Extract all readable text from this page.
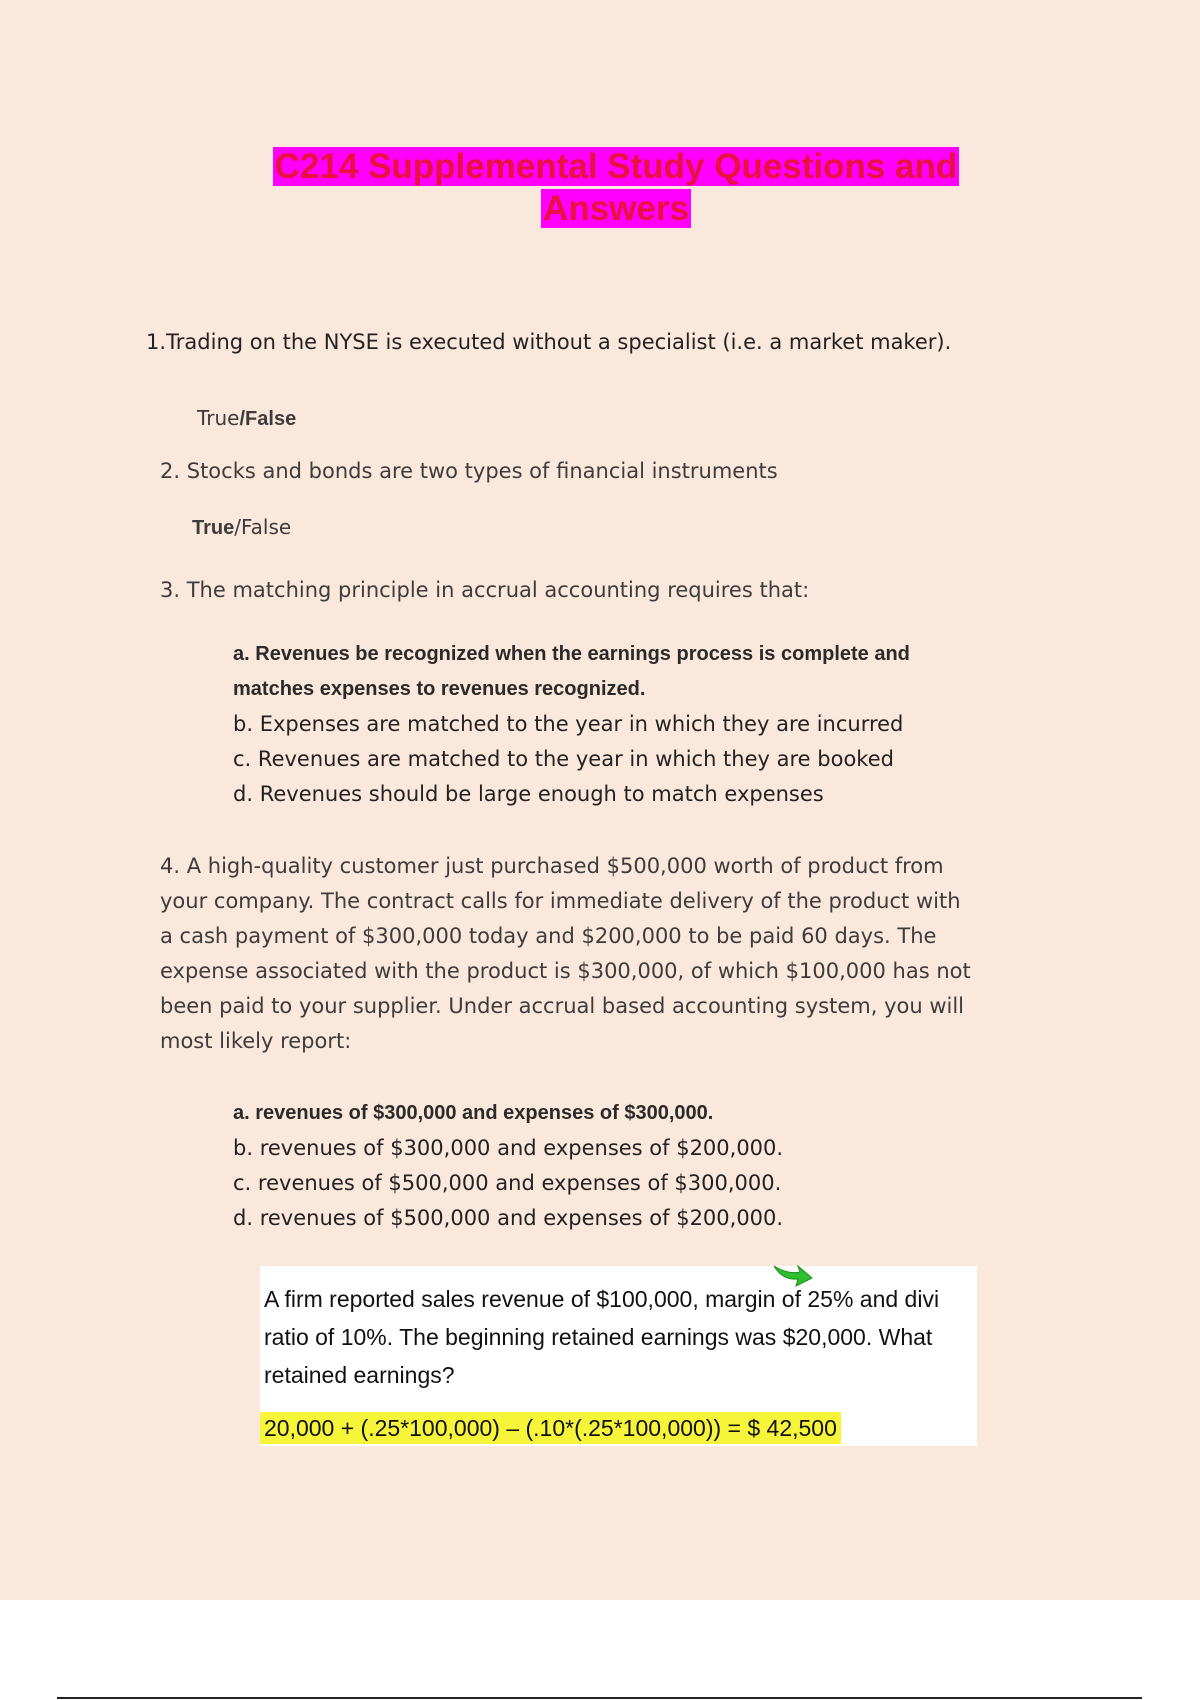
C214 Supplemental Study Questions and
Answers
1.Trading on the NYSE is executed without a specialist (i.e. a market maker).
True/False
2. Stocks and bonds are two types of financial instruments
True/False
3. The matching principle in accrual accounting requires that:
a. Revenues be recognized when the earnings process is complete and matches expenses to revenues recognized.
b. Expenses are matched to the year in which they are incurred
c. Revenues are matched to the year in which they are booked
d. Revenues should be large enough to match expenses
4. A high-quality customer just purchased $500,000 worth of product from your company. The contract calls for immediate delivery of the product with a cash payment of $300,000 today and $200,000 to be paid 60 days. The expense associated with the product is $300,000, of which $100,000 has not been paid to your supplier. Under accrual based accounting system, you will most likely report:
a. revenues of $300,000 and expenses of $300,000.
b. revenues of $300,000 and expenses of $200,000.
c. revenues of $500,000 and expenses of $300,000.
d. revenues of $500,000 and expenses of $200,000.
A firm reported sales revenue of $100,000, margin of 25% and divi
ratio of 10%. The beginning retained earnings was $20,000. What
retained earnings?
20,000 + (.25*100,000) – (.10*(.25*100,000)) = $ 42,500
